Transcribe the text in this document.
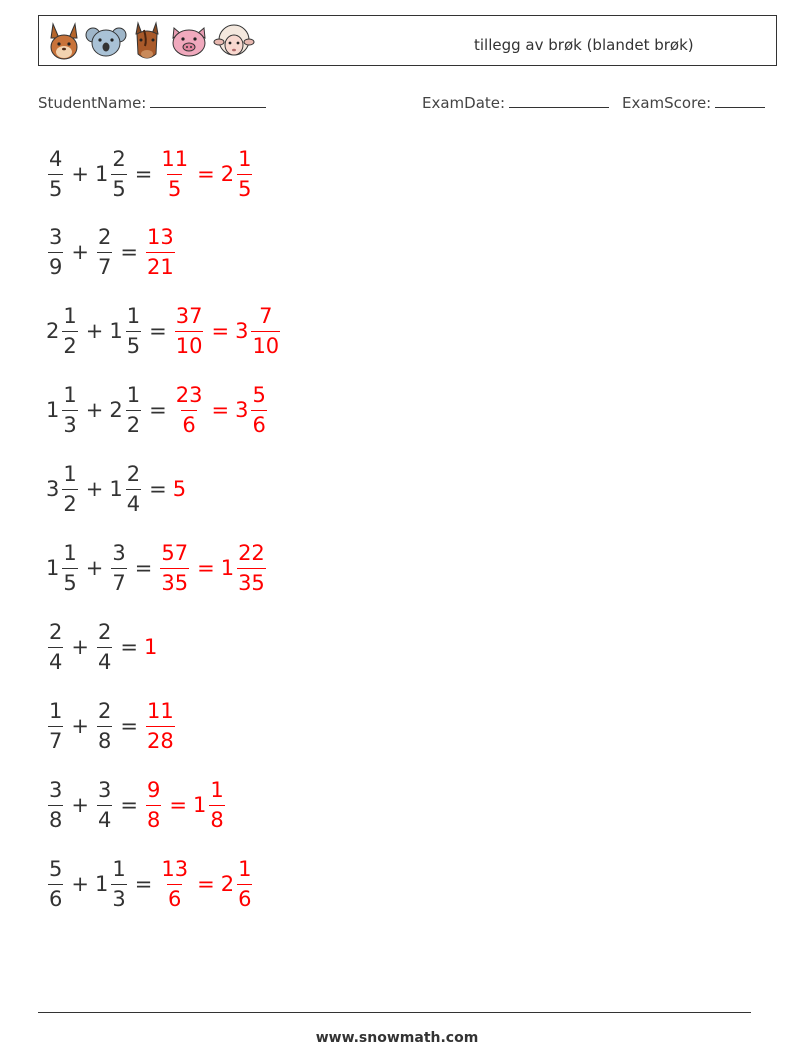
tillegg av brøk (blandet brøk)
StudentName:	ExamDate:	ExamScore:
$\frac{4}{5} + 1 \frac{2}{5} = \frac{11}{5} = 2 \frac{1}{5}$
$\frac{3}{9} + \frac{2}{7} = \frac{13}{21}$
$2 \frac{1}{2} + 1 \frac{1}{5} = \frac{37}{10} = 3 \frac{7}{10}$
$1 \frac{1}{3} + 2 \frac{1}{2} = \frac{23}{6} = 3 \frac{5}{6}$
$3 \frac{1}{2} + 1 \frac{2}{4} = 5$
$1 \frac{1}{5} + \frac{3}{7} = \frac{57}{35} = 1 \frac{22}{35}$
$\frac{2}{4} + \frac{2}{4} = 1$
$\frac{1}{7} + \frac{2}{8} = \frac{11}{28}$
$\frac{3}{8} + \frac{3}{4} = \frac{9}{8} = 1 \frac{1}{8}$
$\frac{5}{6} + 1 \frac{1}{3} = \frac{13}{6} = 2 \frac{1}{6}$
www.snowmath.com
